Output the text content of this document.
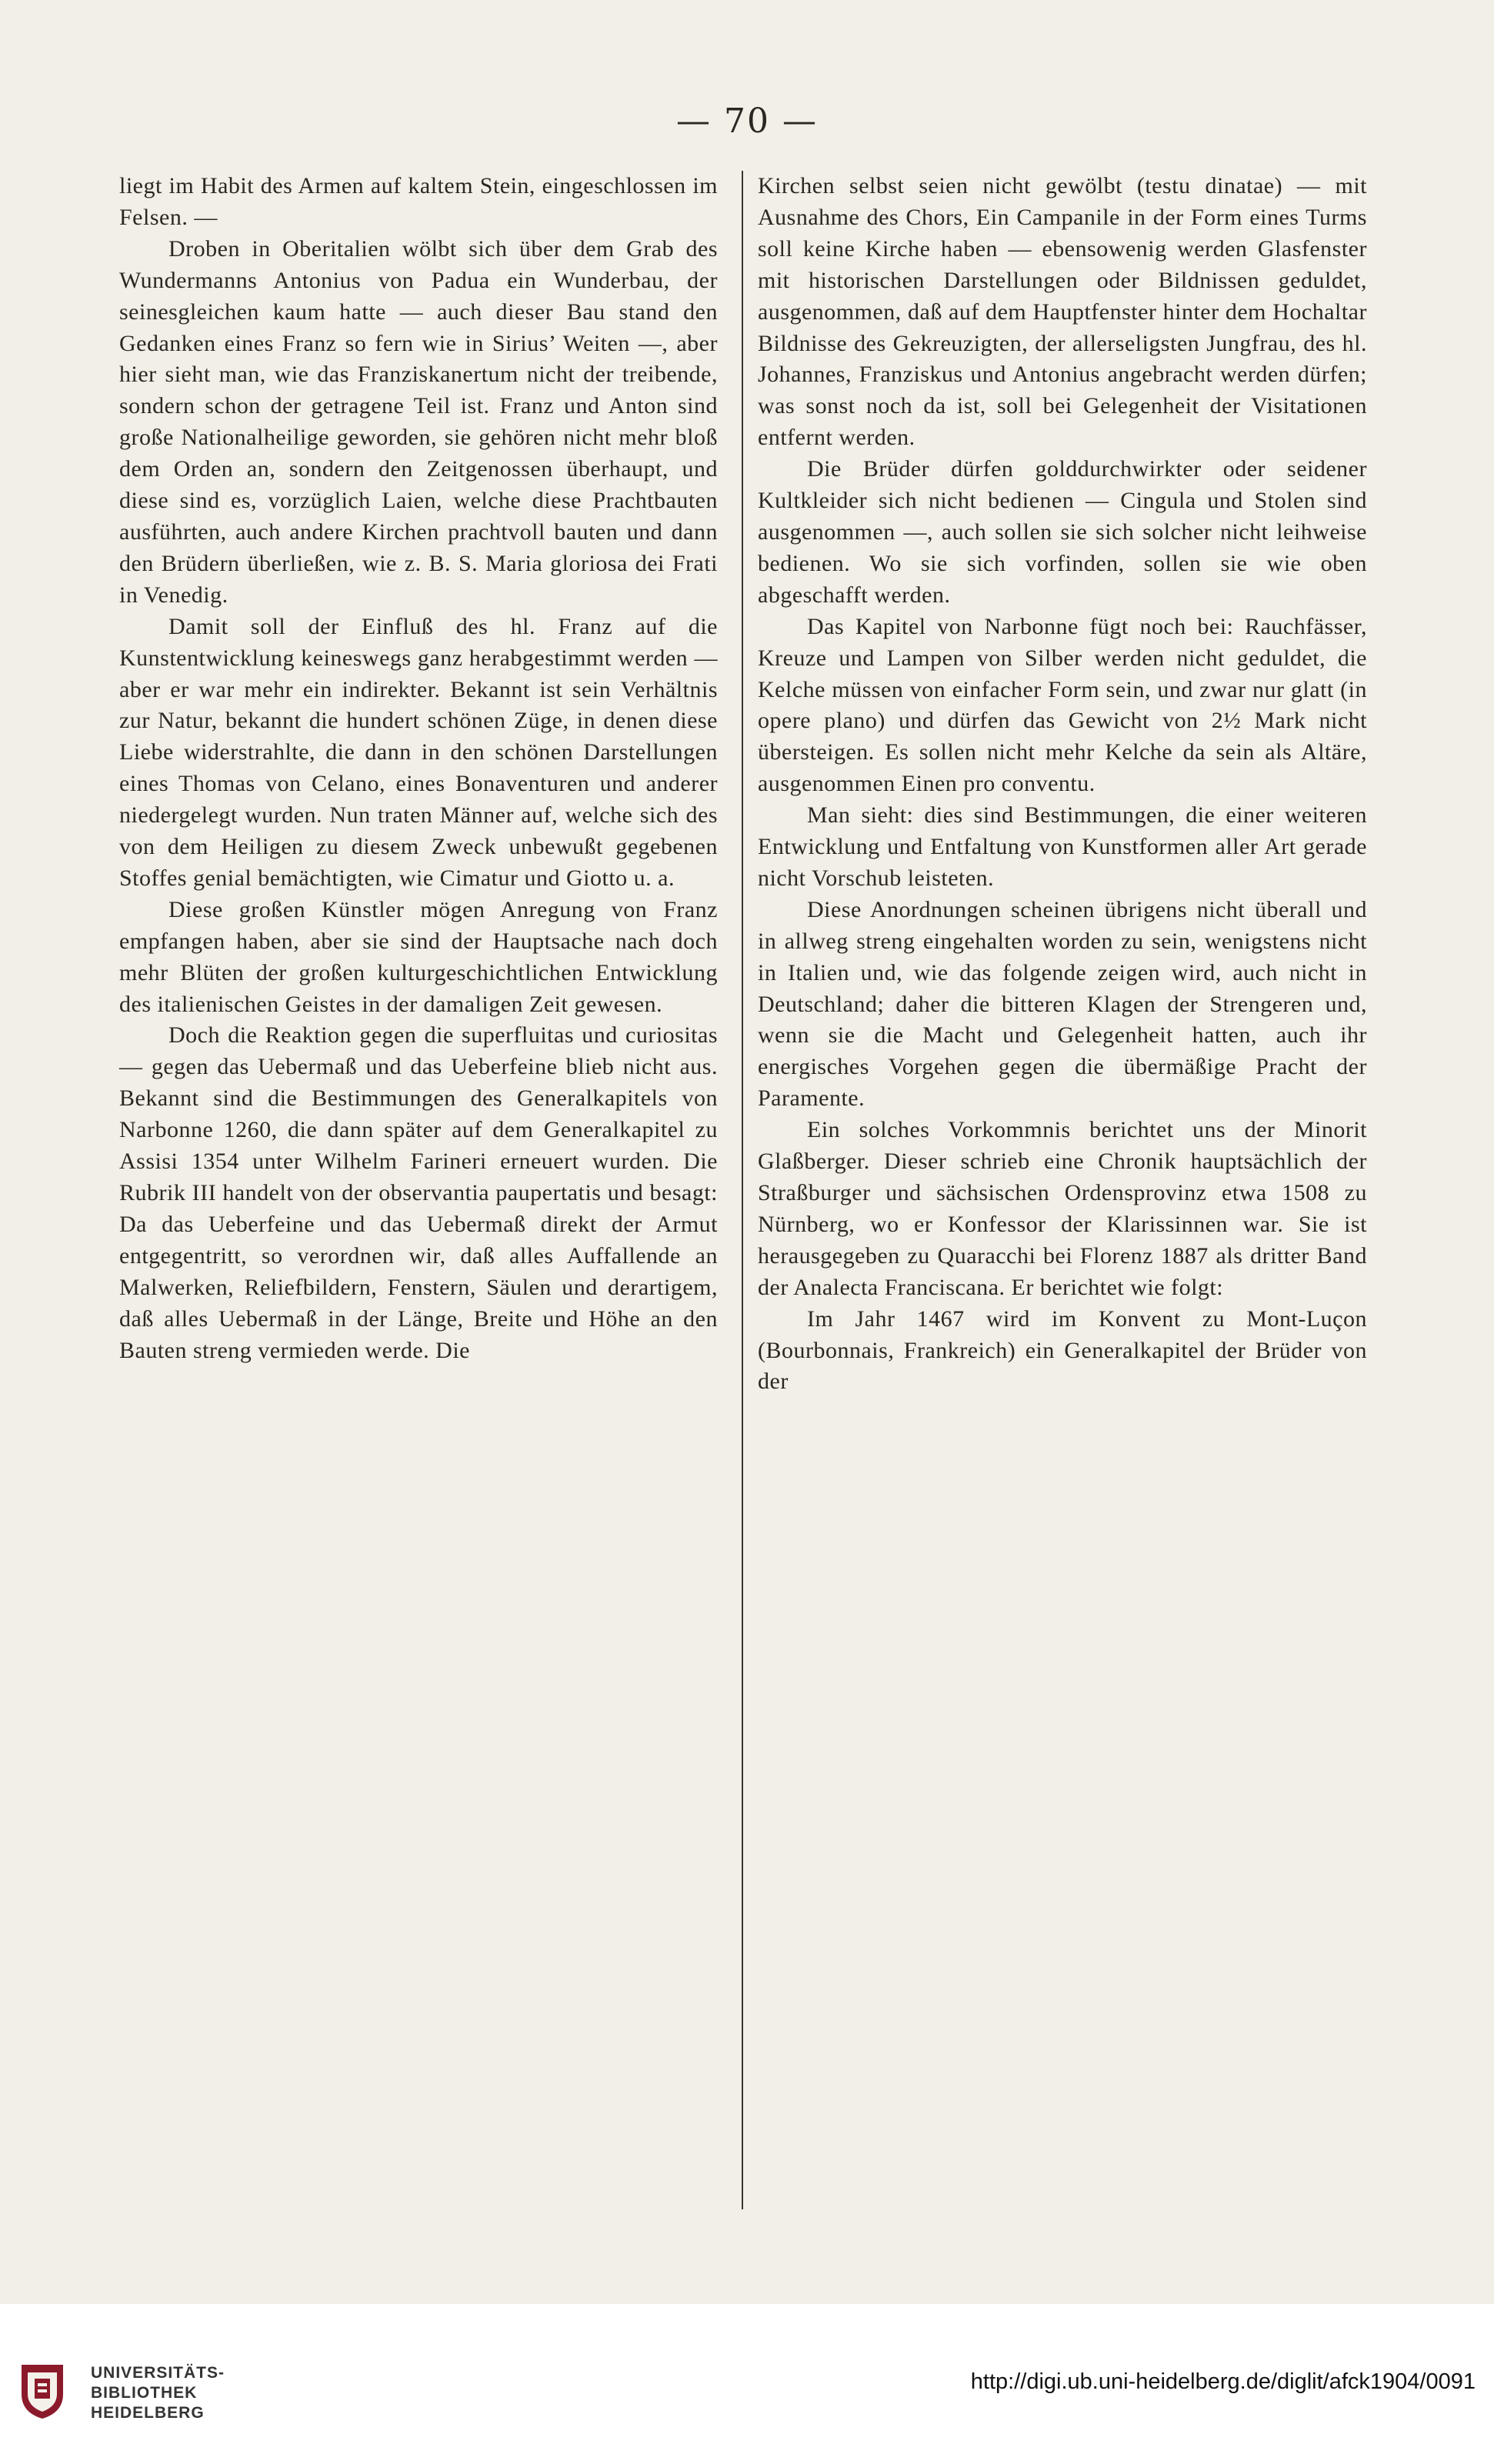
— 70 —

liegt im Habit des Armen auf kaltem Stein, eingeschlossen im Felsen. —

Droben in Oberitalien wölbt sich über dem Grab des Wundermanns Antonius von Padua ein Wunderbau, der seinesgleichen kaum hatte — auch dieser Bau stand den Gedanken eines Franz so fern wie in Sirius’ Weiten —, aber hier sieht man, wie das Franziskanertum nicht der treibende, sondern schon der getragene Teil ist. Franz und Anton sind große Nationalheilige geworden, sie gehören nicht mehr bloß dem Orden an, sondern den Zeitgenossen überhaupt, und diese sind es, vorzüglich Laien, welche diese Prachtbauten ausführten, auch andere Kirchen prachtvoll bauten und dann den Brüdern überließen, wie z. B. S. Maria gloriosa dei Frati in Venedig.

Damit soll der Einfluß des hl. Franz auf die Kunstentwicklung keineswegs ganz herabgestimmt werden — aber er war mehr ein indirekter. Bekannt ist sein Verhältnis zur Natur, bekannt die hundert schönen Züge, in denen diese Liebe widerstrahlte, die dann in den schönen Darstellungen eines Thomas von Celano, eines Bonaventuren und anderer niedergelegt wurden. Nun traten Männer auf, welche sich des von dem Heiligen zu diesem Zweck unbewußt gegebenen Stoffes genial bemächtigten, wie Cimatur und Giotto u. a.

Diese großen Künstler mögen Anregung von Franz empfangen haben, aber sie sind der Hauptsache nach doch mehr Blüten der großen kulturgeschichtlichen Entwicklung des italienischen Geistes in der damaligen Zeit gewesen.

Doch die Reaktion gegen die superfluitas und curiositas — gegen das Uebermaß und das Ueberfeine blieb nicht aus. Bekannt sind die Bestimmungen des Generalkapitels von Narbonne 1260, die dann später auf dem Generalkapitel zu Assisi 1354 unter Wilhelm Farineri erneuert wurden. Die Rubrik III handelt von der observantia paupertatis und besagt: Da das Ueberfeine und das Uebermaß direkt der Armut entgegentritt, so verordnen wir, daß alles Auffallende an Malwerken, Reliefbildern, Fenstern, Säulen und derartigem, daß alles Uebermaß in der Länge, Breite und Höhe an den Bauten streng vermieden werde. Die

Kirchen selbst seien nicht gewölbt (testu dinatae) — mit Ausnahme des Chors, Ein Campanile in der Form eines Turms soll keine Kirche haben — ebensowenig werden Glasfenster mit historischen Darstellungen oder Bildnissen geduldet, ausgenommen, daß auf dem Hauptfenster hinter dem Hochaltar Bildnisse des Gekreuzigten, der allerseligsten Jungfrau, des hl. Johannes, Franziskus und Antonius angebracht werden dürfen; was sonst noch da ist, soll bei Gelegenheit der Visitationen entfernt werden.

Die Brüder dürfen golddurchwirkter oder seidener Kultkleider sich nicht bedienen — Cingula und Stolen sind ausgenommen —, auch sollen sie sich solcher nicht leihweise bedienen. Wo sie sich vorfinden, sollen sie wie oben abgeschafft werden.

Das Kapitel von Narbonne fügt noch bei: Rauchfässer, Kreuze und Lampen von Silber werden nicht geduldet, die Kelche müssen von einfacher Form sein, und zwar nur glatt (in opere plano) und dürfen das Gewicht von 2½ Mark nicht übersteigen. Es sollen nicht mehr Kelche da sein als Altäre, ausgenommen Einen pro conventu.

Man sieht: dies sind Bestimmungen, die einer weiteren Entwicklung und Entfaltung von Kunstformen aller Art gerade nicht Vorschub leisteten.

Diese Anordnungen scheinen übrigens nicht überall und in allweg streng eingehalten worden zu sein, wenigstens nicht in Italien und, wie das folgende zeigen wird, auch nicht in Deutschland; daher die bitteren Klagen der Strengeren und, wenn sie die Macht und Gelegenheit hatten, auch ihr energisches Vorgehen gegen die übermäßige Pracht der Paramente.

Ein solches Vorkommnis berichtet uns der Minorit Glaßberger. Dieser schrieb eine Chronik hauptsächlich der Straßburger und sächsischen Ordensprovinz etwa 1508 zu Nürnberg, wo er Konfessor der Klarissinnen war. Sie ist herausgegeben zu Quaracchi bei Florenz 1887 als dritter Band der Analecta Franciscana. Er berichtet wie folgt:

Im Jahr 1467 wird im Konvent zu Mont-Luçon (Bourbonnais, Frankreich) ein Generalkapitel der Brüder von der

UNIVERSITÄTS-
BIBLIOTHEK
HEIDELBERG
http://digi.ub.uni-heidelberg.de/diglit/afck1904/0091
